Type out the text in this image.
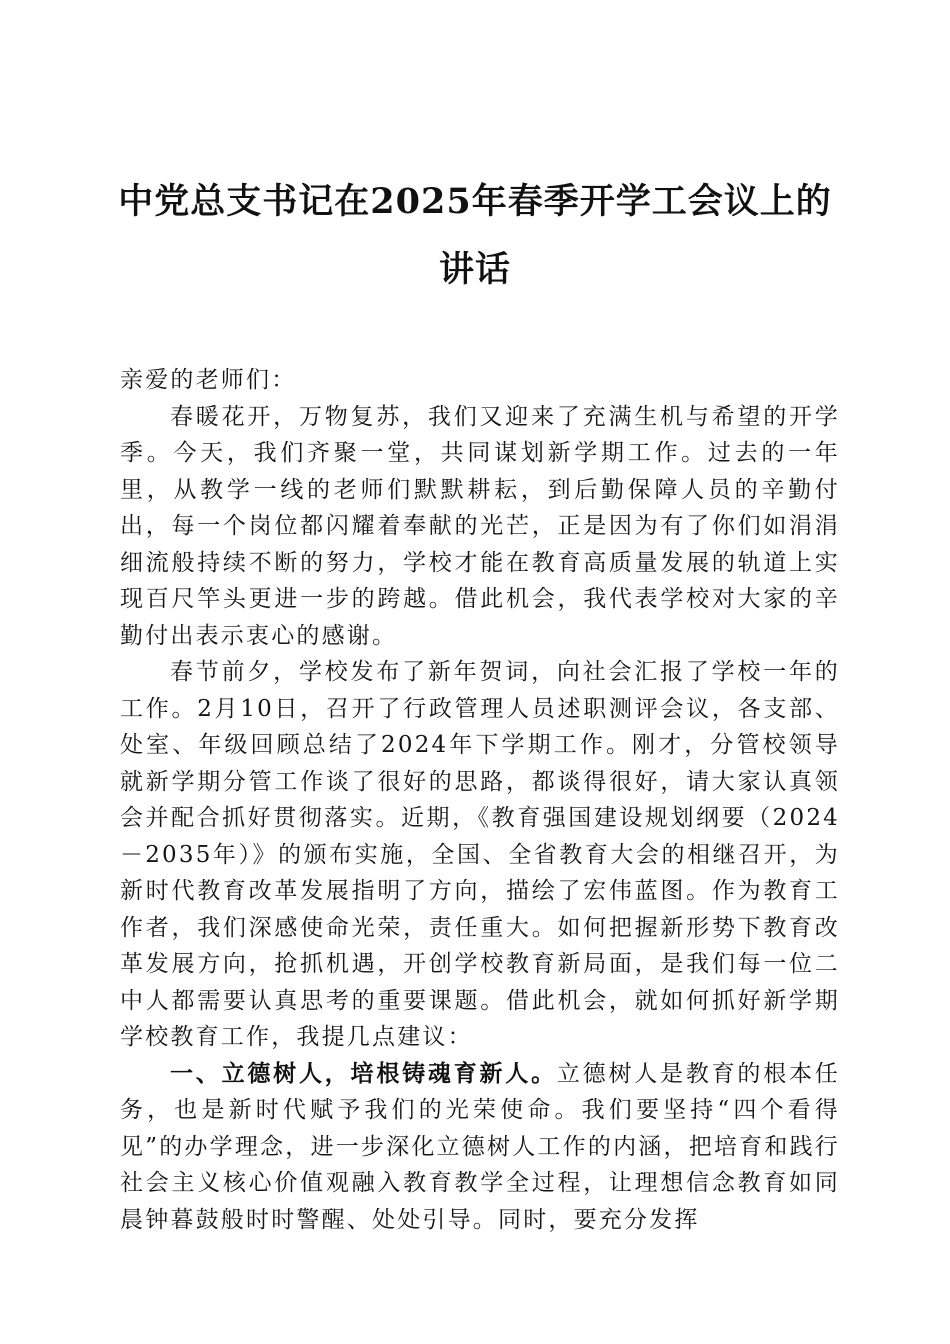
中党总支书记在2025年春季开学工会议上的
讲话

亲爱的老师们：

春暖花开，万物复苏，我们又迎来了充满生机与希望的开学季。今天，我们齐聚一堂，共同谋划新学期工作。过去的一年里，从教学一线的老师们默默耕耘，到后勤保障人员的辛勤付出，每一个岗位都闪耀着奉献的光芒，正是因为有了你们如涓涓细流般持续不断的努力，学校才能在教育高质量发展的轨道上实现百尺竿头更进一步的跨越。借此机会，我代表学校对大家的辛勤付出表示衷心的感谢。

春节前夕，学校发布了新年贺词，向社会汇报了学校一年的工作。2月10日，召开了行政管理人员述职测评会议，各支部、处室、年级回顾总结了2024年下学期工作。刚才，分管校领导就新学期分管工作谈了很好的思路，都谈得很好，请大家认真领会并配合抓好贯彻落实。近期，《教育强国建设规划纲要（2024－2035年）》的颁布实施，全国、全省教育大会的相继召开，为新时代教育改革发展指明了方向，描绘了宏伟蓝图。作为教育工作者，我们深感使命光荣，责任重大。如何把握新形势下教育改革发展方向，抢抓机遇，开创学校教育新局面，是我们每一位二中人都需要认真思考的重要课题。借此机会，就如何抓好新学期学校教育工作，我提几点建议：

一、立德树人，培根铸魂育新人。立德树人是教育的根本任务，也是新时代赋予我们的光荣使命。我们要坚持“四个看得见”的办学理念，进一步深化立德树人工作的内涵，把培育和践行社会主义核心价值观融入教育教学全过程，让理想信念教育如同晨钟暮鼓般时时警醒、处处引导。同时，要充分发挥
